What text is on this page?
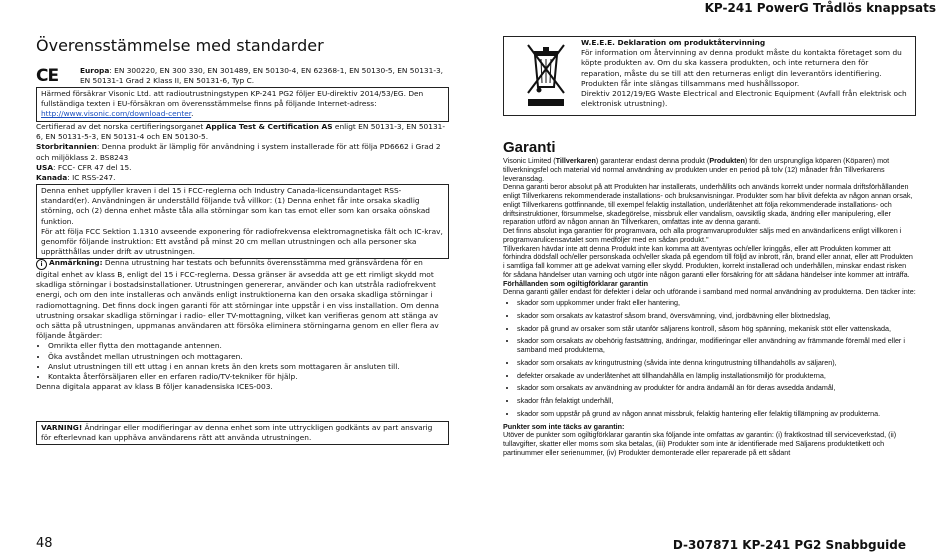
KP-241 PowerG Trådlös knappsats
Överensstämmelse med standarder
CE	Europa: EN 300220, EN 300 330, EN 301489, EN 50130-4, EN 62368-1, EN 50130-5, EN 50131-3, EN 50131-1 Grad 2 Klass II, EN 50131-6, Typ C.
Härmed försäkrar Visonic Ltd. att radioutrustningstypen KP-241 PG2 följer EU-direktiv 2014/53/EG. Den fullständiga texten i EU-försäkran om överensstämmelse finns på följande Internet-adress: http://www.visonic.com/download-center.

Certifierad av det norska certifieringsorganet Applica Test & Certification AS enligt EN 50131-3, EN 50131-6, EN 50131-5-3, EN 50131-4 och EN 50130-5.

Storbritannien: Denna produkt är lämplig för användning i system installerade för att följa PD6662 i Grad 2 och miljöklass 2. BS8243

USA: FCC- CFR 47 del 15.

Kanada: IC RSS-247.

Denna enhet uppfyller kraven i del 15 i FCC-reglerna och Industry Canada-licensundantaget RSS-standard(er). Användningen är underställd följande två villkor: (1) Denna enhet får inte orsaka skadlig störning, och (2) denna enhet måste tåla alla störningar som kan tas emot eller som kan orsaka oönskad funktion.

För att följa FCC Sektion 1.1310 avseende exponering för radiofrekvensa elektromagnetiska fält och IC-krav, genomför följande instruktion: Ett avstånd på minst 20 cm mellan utrustningen och alla personer ska upprätthållas under drift av utrustningen.

i Anmärkning: Denna utrustning har testats och befunnits överensstämma med gränsvärdena för en digital enhet av klass B, enligt del 15 i FCC-reglerna. Dessa gränser är avsedda att ge ett rimligt skydd mot skadliga störningar i bostadsinstallationer. Utrustningen genererar, använder och kan utstråla radiofrekvent energi, och om den inte installeras och används enligt instruktionerna kan den orsaka skadliga störningar i radiomottagning. Det finns dock ingen garanti för att störningar inte uppstår i en viss installation. Om denna utrustning orsakar skadliga störningar i radio- eller TV-mottagning, vilket kan verifieras genom att stänga av och sätta på utrustningen, uppmanas användaren att försöka eliminera störningarna genom en eller flera av följande åtgärder:

• Omrikta eller flytta den mottagande antennen.
• Öka avståndet mellan utrustningen och mottagaren.
• Anslut utrustningen till ett uttag i en annan krets än den krets som mottagaren är ansluten till.
• Kontakta återförsäljaren eller en erfaren radio/TV-tekniker för hjälp.

Denna digitala apparat av klass B följer kanadensiska ICES-003.

VARNING! Ändringar eller modifieringar av denna enhet som inte uttryckligen godkänts av part ansvarig för efterlevnad kan upphäva användarens rätt att använda utrustningen.

W.E.E.E. Deklaration om produktåtervinning

För information om återvinning av denna produkt måste du kontakta företaget som du köpte produkten av. Om du ska kassera produkten, och inte returnera den för reparation, måste du se till att den returneras enligt din leverantörs identifiering. Produkten får inte slängas tillsammans med hushållssopor.

Direktiv 2012/19/EG Waste Electrical and Electronic Equipment (Avfall från elektrisk och elektronisk utrustning).

Garanti

Visonic Limited (Tillverkaren) garanterar endast denna produkt (Produkten) för den ursprungliga köparen (Köparen) mot tillverkningsfel och material vid normal användning av produkten under en period på tolv (12) månader från Tillverkarens leveransdag.

Denna garanti beror absolut på att Produkten har installerats, underhållits och används korrekt under normala driftsförhållanden enligt Tillverkarens rekommenderade installations- och bruksanvisningar. Produkter som har blivit defekta av någon annan orsak, enligt Tillverkarens gottfinnande, till exempel felaktig installation, underlåtenhet att följa rekommenderade installations- och driftsinstruktioner, försummelse, skadegörelse, missbruk eller vandalism, oavsiktlig skada, ändring eller manipulering, eller reparation utförd av någon annan än Tillverkaren, omfattas inte av denna garanti.

Det finns absolut inga garantier för programvara, och alla programvaruprodukter säljs med en användarlicens enligt villkoren i programvarulicensavtalet som medföljer med en sådan produkt."

Tillverkaren hävdar inte att denna Produkt inte kan komma att äventyras och/eller kringgås, eller att Produkten kommer att förhindra dödsfall och/eller personskada och/eller skada på egendom till följd av inbrott, rån, brand eller annat, eller att Produkten i samtliga fall kommer att ge adekvat varning eller skydd. Produkten, korrekt installerad och underhållen, minskar endast risken för sådana händelser utan varning och utgör inte någon garanti eller försäkring för att sådana händelser inte kommer att inträffa.

Förhållanden som ogiltigförklarar garantin

Denna garanti gäller endast för defekter i delar och utförande i samband med normal användning av produkterna. Den täcker inte:

• skador som uppkommer under frakt eller hantering,
• skador som orsakats av katastrof såsom brand, översvämning, vind, jordbävning eller blixtnedslag,
• skador på grund av orsaker som står utanför säljarens kontroll, såsom hög spänning, mekanisk stöt eller vattenskada,
• skador som orsakats av obehörig fastsättning, ändringar, modifieringar eller användning av främmande föremål med eller i samband med produkterna,
• skador som orsakats av kringutrustning (såvida inte denna kringutrustning tillhandahölls av säljaren),
• defekter orsakade av underlåtenhet att tillhandahålla en lämplig installationsmiljö för produkterna,
• skador som orsakats av användning av produkter för andra ändamål än för deras avsedda ändamål,
• skador från felaktigt underhåll,
• skador som uppstår på grund av någon annat missbruk, felaktig hantering eller felaktig tillämpning av produkterna.

Punkter som inte täcks av garantin:

Utöver de punkter som ogiltigförklarar garantin ska följande inte omfattas av garantin: (i) fraktkostnad till serviceverkstad, (ii) tullavgifter, skatter eller moms som ska betalas, (iii) Produkter som inte är identifierade med Säljarens produktetikett och partinummer eller serienummer, (iv) Produkter demonterade eller reparerade på ett sådant

48	D-307871 KP-241 PG2 Snabbguide
